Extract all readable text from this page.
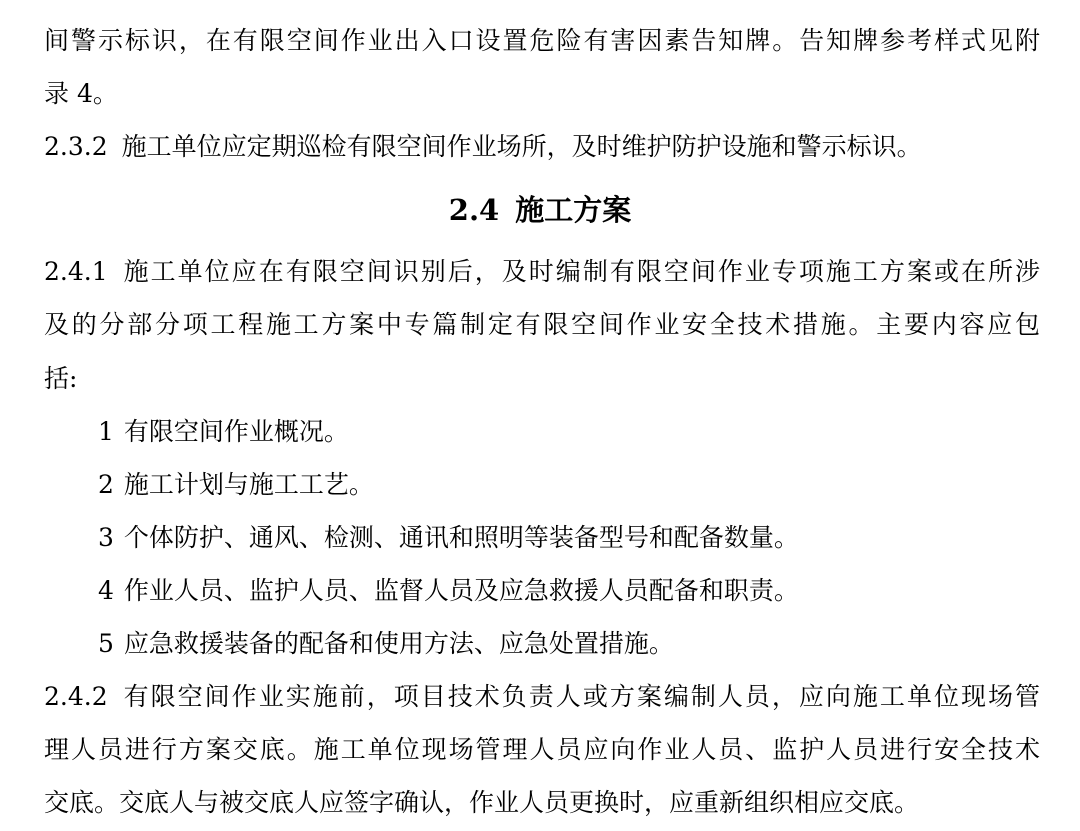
间警示标识，在有限空间作业出入口设置危险有害因素告知牌。告知牌参考样式见附
录 4。
2.3.2 施工单位应定期巡检有限空间作业场所，及时维护防护设施和警示标识。
2.4 施工方案
2.4.1 施工单位应在有限空间识别后，及时编制有限空间作业专项施工方案或在所涉
及的分部分项工程施工方案中专篇制定有限空间作业安全技术措施。主要内容应包
括:
1 有限空间作业概况。
2 施工计划与施工工艺。
3 个体防护、通风、检测、通讯和照明等装备型号和配备数量。
4 作业人员、监护人员、监督人员及应急救援人员配备和职责。
5 应急救援装备的配备和使用方法、应急处置措施。
2.4.2 有限空间作业实施前，项目技术负责人或方案编制人员，应向施工单位现场管
理人员进行方案交底。施工单位现场管理人员应向作业人员、监护人员进行安全技术
交底。交底人与被交底人应签字确认，作业人员更换时，应重新组织相应交底。
